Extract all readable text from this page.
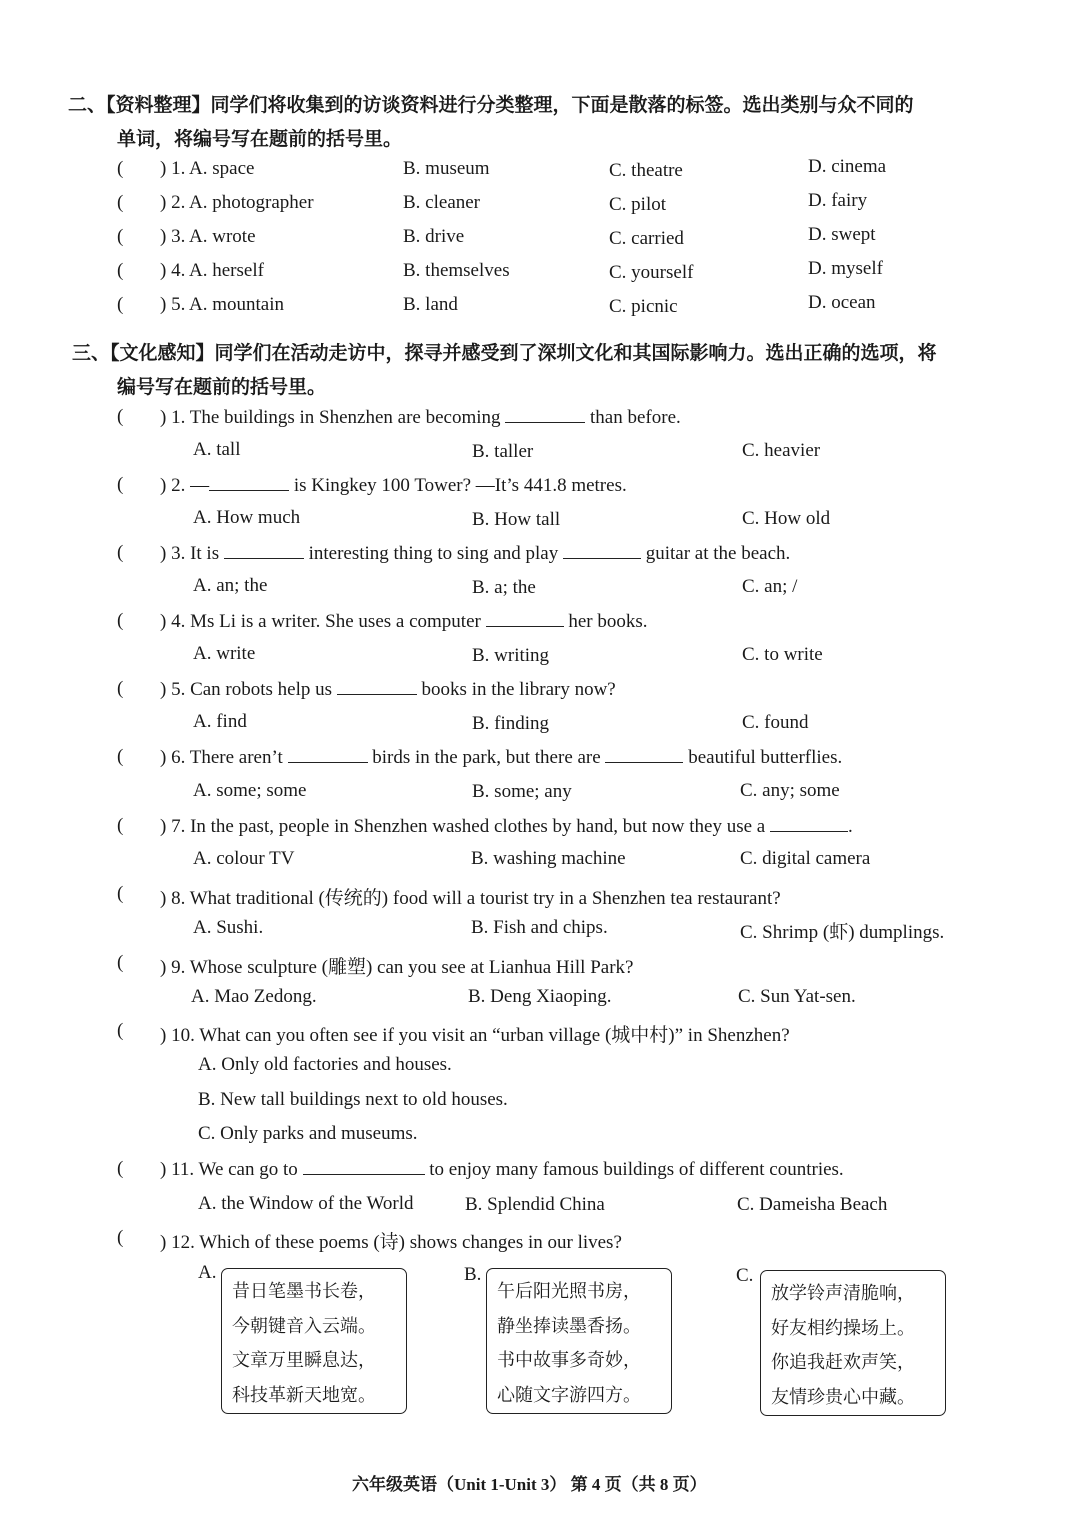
二、【资料整理】同学们将收集到的访谈资料进行分类整理，下面是散落的标签。选出类别与众不同的
单词，将编号写在题前的括号里。
( ) 1. A. space	B. museum	C. theatre	D. cinema
( ) 2. A. photographer	B. cleaner	C. pilot	D. fairy
( ) 3. A. wrote	B. drive	C. carried	D. swept
( ) 4. A. herself	B. themselves	C. yourself	D. myself
( ) 5. A. mountain	B. land	C. picnic	D. ocean
三、【文化感知】同学们在活动走访中，探寻并感受到了深圳文化和其国际影响力。选出正确的选项，将
编号写在题前的括号里。
( ) 1. The buildings in Shenzhen are becoming	than before.
A. tall	B. taller	C. heavier
( ) 2. —	is Kingkey 100 Tower? —It’s 441.8 metres.
A. How much	B. How tall	C. How old
( ) 3. It is	interesting thing to sing and play	guitar at the beach.
A. an; the	B. a; the	C. an; /
( ) 4. Ms Li is a writer. She uses a computer	her books.
A. write	B. writing	C. to write
( ) 5. Can robots help us	books in the library now?
A. find	B. finding	C. found
( ) 6. There aren’t	birds in the park, but there are	beautiful butterflies.
A. some; some	B. some; any	C. any; some
( ) 7. In the past, people in Shenzhen washed clothes by hand, but now they use a	.
A. colour TV	B. washing machine	C. digital camera
( ) 8. What traditional (传统的) food will a tourist try in a Shenzhen tea restaurant?
A. Sushi.	B. Fish and chips.	C. Shrimp (虾) dumplings.
( ) 9. Whose sculpture (雕塑) can you see at Lianhua Hill Park?
A. Mao Zedong.	B. Deng Xiaoping.	C. Sun Yat-sen.
( ) 10. What can you often see if you visit an “urban village (城中村)” in Shenzhen?
A. Only old factories and houses.
B. New tall buildings next to old houses.
C. Only parks and museums.
( ) 11. We can go to	to enjoy many famous buildings of different countries.
A. the Window of the World	B. Splendid China	C. Dameisha Beach
( ) 12. Which of these poems (诗) shows changes in our lives?
A.
昔日笔墨书长卷，
今朝键音入云端。
文章万里瞬息达，
科技革新天地宽。
B.
午后阳光照书房，
静坐捧读墨香扬。
书中故事多奇妙，
心随文字游四方。
C.
放学铃声清脆响，
好友相约操场上。
你追我赶欢声笑，
友情珍贵心中藏。
六年级英语（Unit 1-Unit 3） 第 4 页（共 8 页）
